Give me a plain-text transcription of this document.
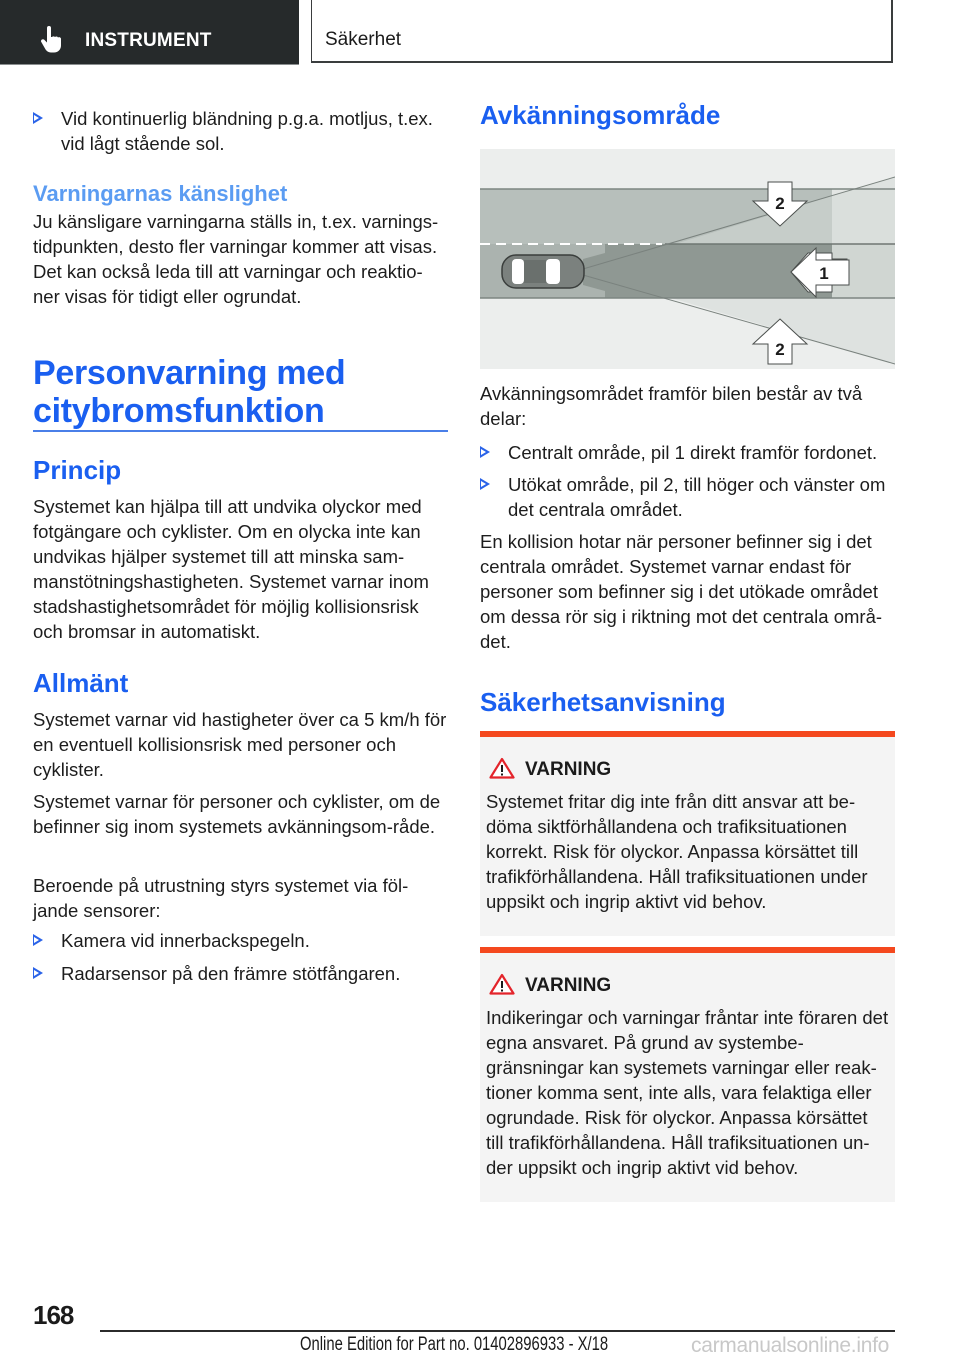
INSTRUMENT	Säkerhet
Vid kontinuerlig bländning p.g.a. motljus, t.ex. vid lågt stående sol.
Varningarnas känslighet

Ju känsligare varningarna ställs in, t.ex. varnings-tidpunkten, desto fler varningar kommer att visas. Det kan också leda till att varningar och reaktio-ner visas för tidigt eller ogrundat.

Personvarning med
citybromsfunktion
Princip

Systemet kan hjälpa till att undvika olyckor med fotgängare och cyklister. Om en olycka inte kan undvikas hjälper systemet till att minska sam-manstötningshastigheten. Systemet varnar inom stadshastighetsområdet för möjlig kollisionsrisk och bromsar in automatiskt.

Allmänt

Systemet varnar vid hastigheter över ca 5 km/h för en eventuell kollisionsrisk med personer och cyklister.

Systemet varnar för personer och cyklister, om de befinner sig inom systemets avkänningsom-råde.

Beroende på utrustning styrs systemet via föl-jande sensorer:

Kamera vid innerbackspegeln.
Radarsensor på den främre stötfångaren.
Avkänningsområde
2
1
2

Avkänningsområdet framför bilen består av två delar:

Centralt område, pil 1 direkt framför fordonet.
Utökat område, pil 2, till höger och vänster om det centrala området.

En kollision hotar när personer befinner sig i det centrala området. Systemet varnar endast för personer som befinner sig i det utökade området om dessa rör sig i riktning mot det centrala områ-det.

Säkerhetsanvisning
VARNING
Systemet fritar dig inte från ditt ansvar att be-döma siktförhållandena och trafiksituationen korrekt. Risk för olyckor. Anpassa körsättet till trafikförhållandena. Håll trafiksituationen under uppsikt och ingrip aktivt vid behov.
VARNING
Indikeringar och varningar fråntar inte föraren det egna ansvaret. På grund av systembe-gränsningar kan systemets varningar eller reak-tioner komma sent, inte alls, vara felaktiga eller ogrundade. Risk för olyckor. Anpassa körsättet till trafikförhållandena. Håll trafiksituationen un-der uppsikt och ingrip aktivt vid behov.
168
Online Edition for Part no. 01402896933 - X/18	carmanualsonline.info
